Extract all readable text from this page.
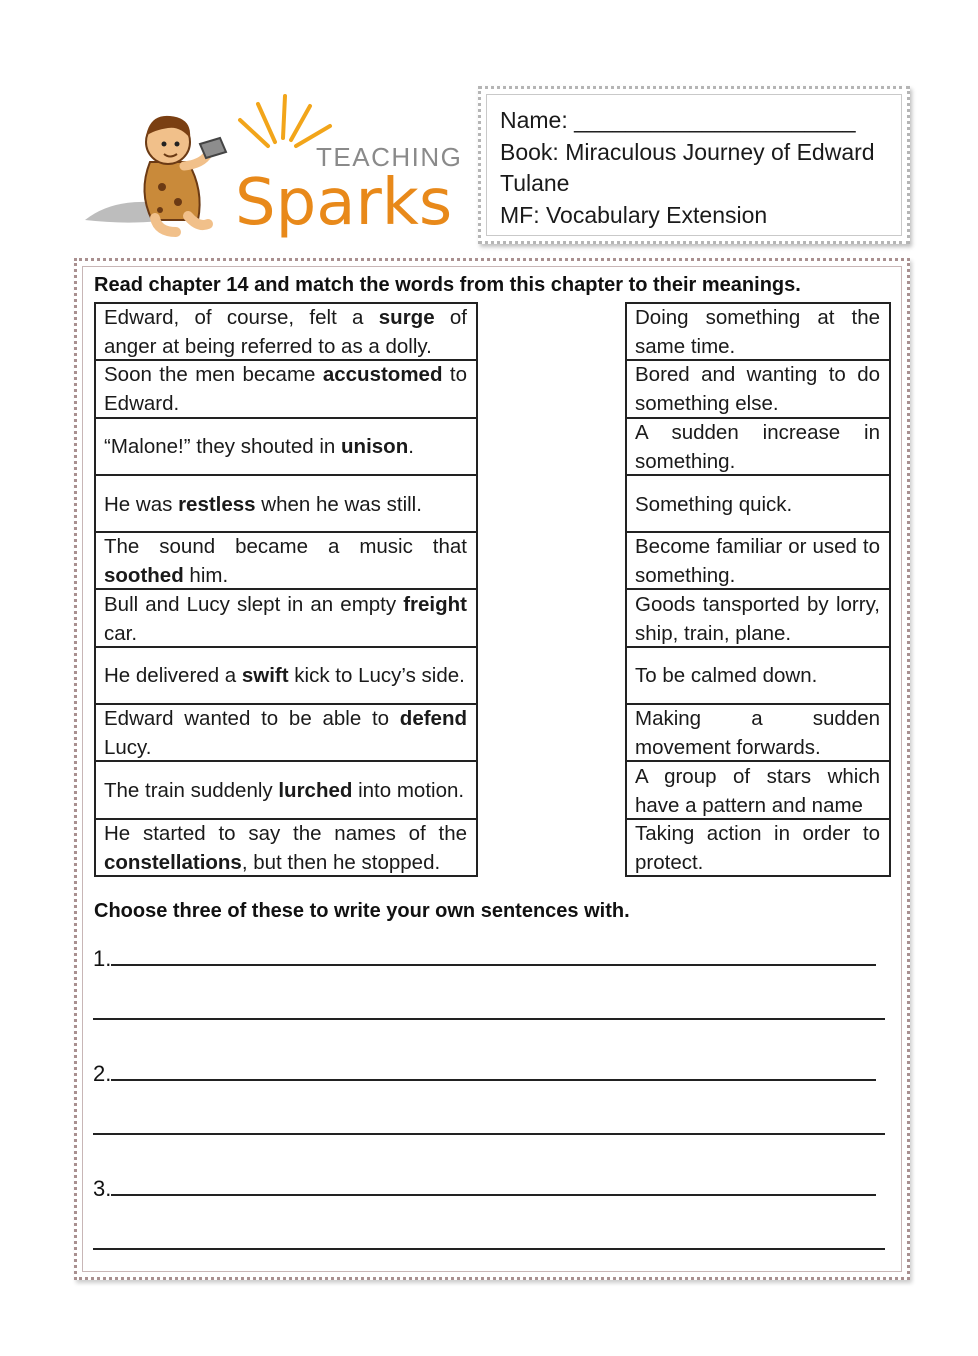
TEACHING
Sparks
Name: ______________________
Book: Miraculous Journey of Edward
Tulane
MF: Vocabulary Extension
Read chapter 14 and match the words from this chapter to their meanings.
Edward, of course, felt a surge of anger at being referred to as a dolly.
Soon the men became accustomed to Edward.
“Malone!” they shouted in unison.
He was restless when he was still.
The sound became a music that soothed him.
Bull and Lucy slept in an empty freight car.
He delivered a swift kick to Lucy’s side.
Edward wanted to be able to defend Lucy.
The train suddenly lurched into motion.
He started to say the names of the constellations, but then he stopped.
Doing something at the same time.
Bored and wanting to do something else.
A sudden increase in something.
Something quick.
Become familiar or used to something.
Goods tansported by lorry, ship, train, plane.
To be calmed down.
Making a sudden movement forwards.
A group of stars which have a pattern and name
Taking action in order to protect.
Choose three of these to write your own sentences with.
1.
2.
3.
